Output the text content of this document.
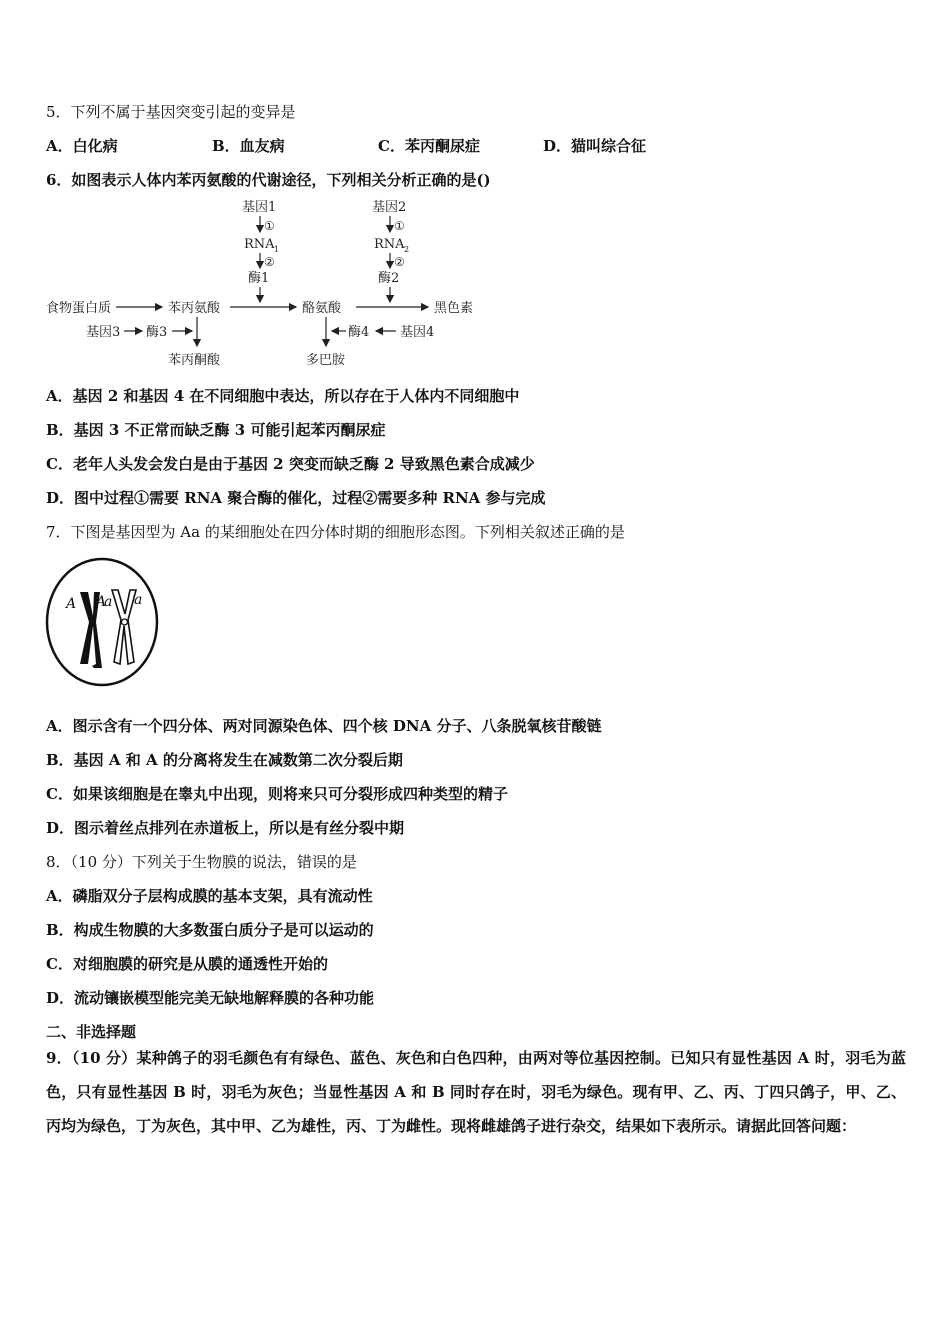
5．下列不属于基因突变引起的变异是
A．白化病	B．血友病	C．苯丙酮尿症	D．猫叫综合征
6．如图表示人体内苯丙氨酸的代谢途径，下列相关分析正确的是()
基因1
①
RNA 1
②
酶1
基因2
①
RNA 2
②
酶2
食物蛋白质	苯丙氨酸	酪氨酸	黑色素
基因3 酶3
苯丙酮酸
酶4 基因4
多巴胺
A．基因 2 和基因 4 在不同细胞中表达，所以存在于人体内不同细胞中
B．基因 3 不正常而缺乏酶 3 可能引起苯丙酮尿症
C．老年人头发会发白是由于基因 2 突变而缺乏酶 2 导致黑色素合成减少
D．图中过程①需要 RNA 聚合酶的催化，过程②需要多种 RNA 参与完成
7．下图是基因型为 Aa 的某细胞处在四分体时期的细胞形态图。下列相关叙述正确的是
A A
a a
A．图示含有一个四分体、两对同源染色体、四个核 DNA 分子、八条脱氧核苷酸链
B．基因 A 和 A 的分离将发生在减数第二次分裂后期
C．如果该细胞是在睾丸中出现，则将来只可分裂形成四种类型的精子
D．图示着丝点排列在赤道板上，所以是有丝分裂中期
8．（10 分）下列关于生物膜的说法，错误的是
A．磷脂双分子层构成膜的基本支架，具有流动性
B．构成生物膜的大多数蛋白质分子是可以运动的
C．对细胞膜的研究是从膜的通透性开始的
D．流动镶嵌模型能完美无缺地解释膜的各种功能
二、非选择题
9．（10 分）某种鸽子的羽毛颜色有有绿色、蓝色、灰色和白色四种，由两对等位基因控制。已知只有显性基因 A 时，羽毛为蓝色，只有显性基因 B 时，羽毛为灰色；当显性基因 A 和 B 同时存在时，羽毛为绿色。现有甲、乙、丙、丁四只鸽子，甲、乙、丙均为绿色，丁为灰色，其中甲、乙为雄性，丙、丁为雌性。现将雌雄鸽子进行杂交，结果如下表所示。请据此回答问题：
